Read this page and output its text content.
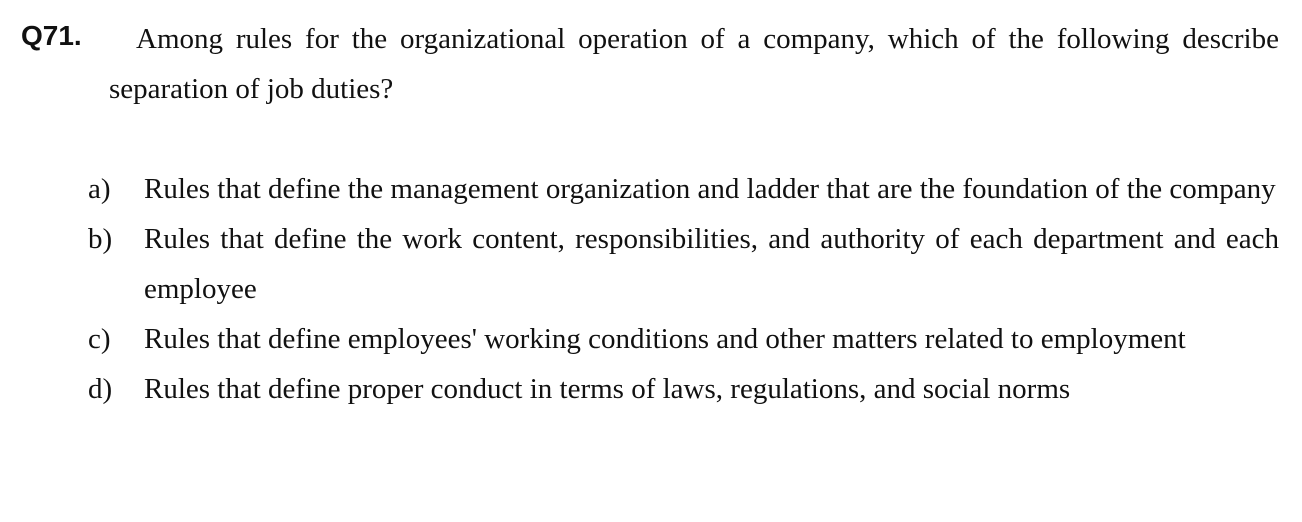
Q71.	Among rules for the organizational operation of a company, which of the following describe separation of job duties?
a) Rules that define the management organization and ladder that are the foundation of the company
b) Rules that define the work content, responsibilities, and authority of each department and each employee
c) Rules that define employees' working conditions and other matters related to employment
d) Rules that define proper conduct in terms of laws, regulations, and social norms
